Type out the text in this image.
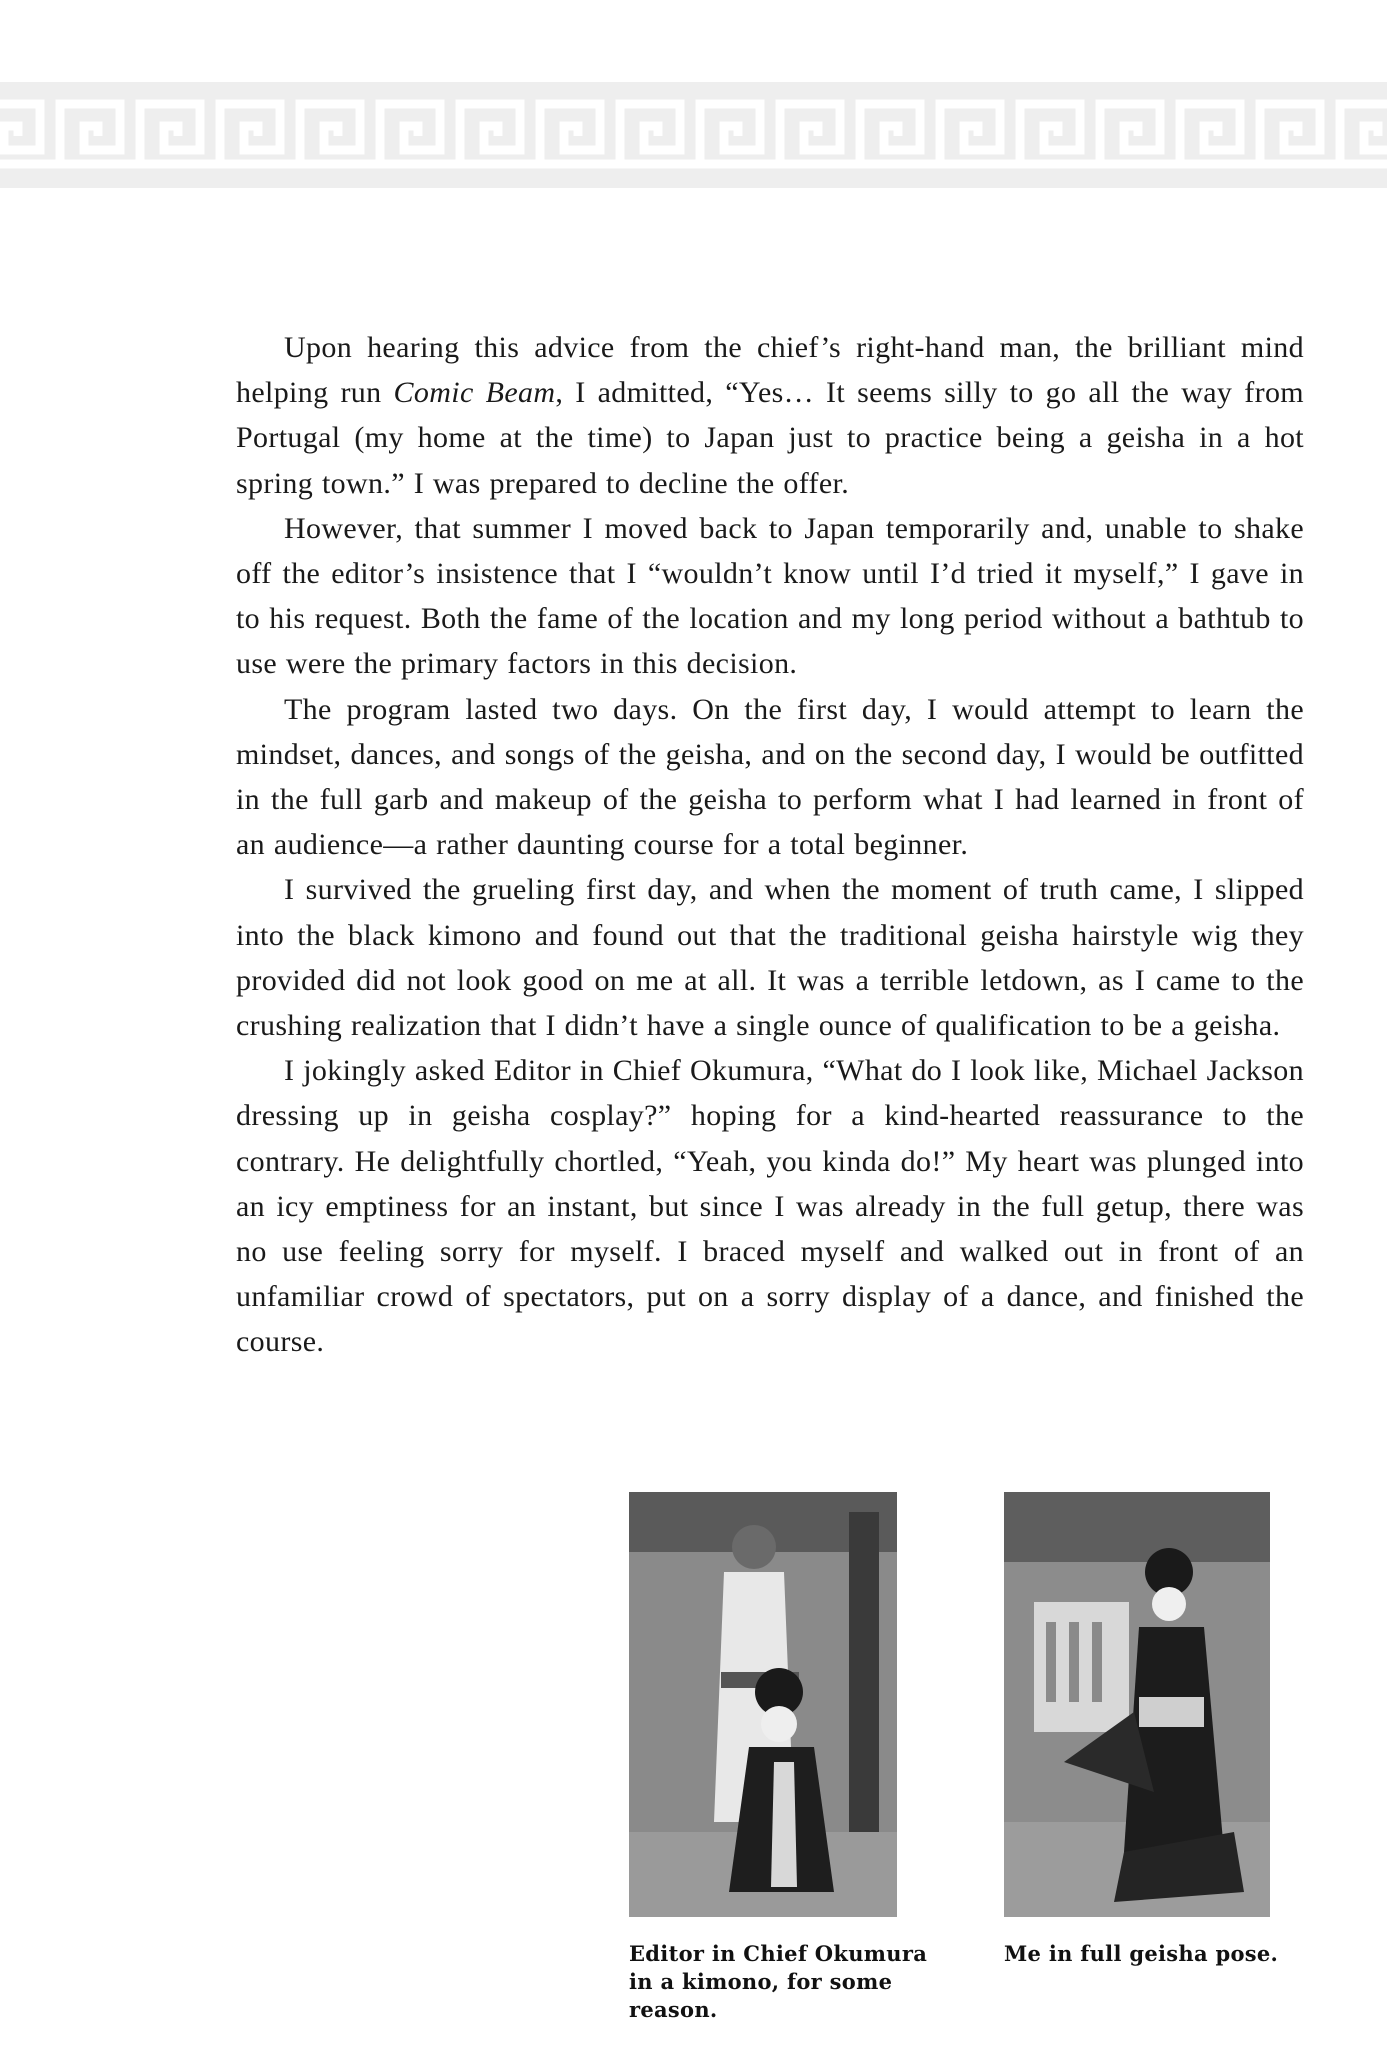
Upon hearing this advice from the chief’s right-hand man, the brilliant mind helping run Comic Beam, I admitted, “Yes… It seems silly to go all the way from Portugal (my home at the time) to Japan just to practice being a geisha in a hot spring town.” I was prepared to decline the offer.

However, that summer I moved back to Japan temporarily and, unable to shake off the editor’s insistence that I “wouldn’t know until I’d tried it myself,” I gave in to his request. Both the fame of the location and my long period without a bathtub to use were the primary factors in this decision.

The program lasted two days. On the first day, I would attempt to learn the mindset, dances, and songs of the geisha, and on the second day, I would be outfitted in the full garb and makeup of the geisha to perform what I had learned in front of an audience—a rather daunting course for a total beginner.

I survived the grueling first day, and when the moment of truth came, I slipped into the black kimono and found out that the traditional geisha hairstyle wig they provided did not look good on me at all. It was a terrible letdown, as I came to the crushing realization that I didn’t have a single ounce of qualification to be a geisha.

I jokingly asked Editor in Chief Okumura, “What do I look like, Michael Jackson dressing up in geisha cosplay?” hoping for a kind-hearted reassurance to the contrary. He delightfully chortled, “Yeah, you kinda do!” My heart was plunged into an icy emptiness for an instant, but since I was already in the full getup, there was no use feeling sorry for myself. I braced myself and walked out in front of an unfamiliar crowd of spectators, put on a sorry display of a dance, and finished the course.

Editor in Chief Okumura in a kimono, for some reason.
Me in full geisha pose.
